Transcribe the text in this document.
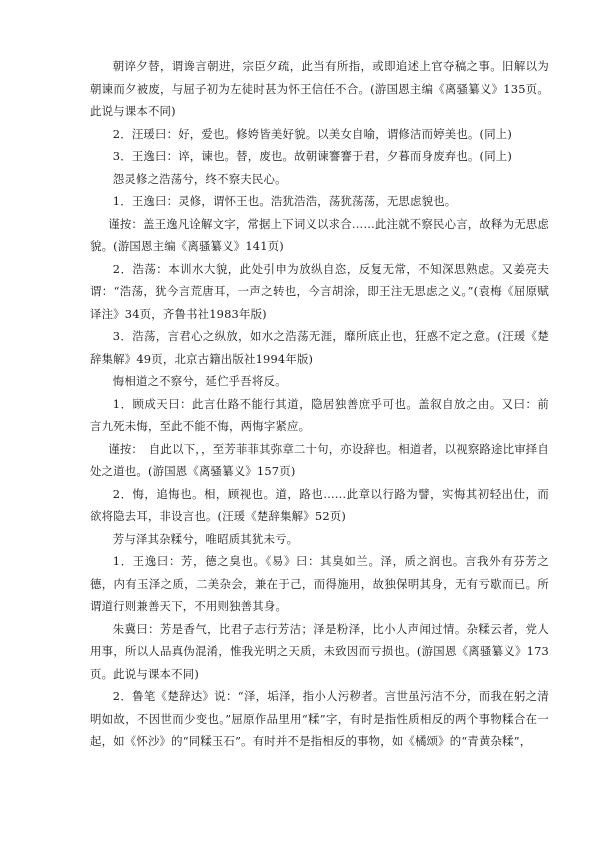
朝谇夕替，谓谗言朝进，宗臣夕疏，此当有所指，或即追述上官夺稿之事。旧解以为朝谏而夕被废，与屈子初为左徒时甚为怀王信任不合。(游国恩主编《离骚纂义》135页。此说与课本不同)

2．汪瑗曰：好，爱也。修姱皆美好貌。以美女自喻，谓修洁而婷美也。(同上)

3．王逸曰：谇，谏也。替，废也。故朝谏謇謇于君，夕暮而身废弃也。(同上)

怨灵修之浩荡兮，终不察夫民心。

1．王逸曰：灵修，谓怀王也。浩犹浩浩，荡犹荡荡，无思虑貌也。

谨按：盖王逸凡诠解文字，常据上下词义以求合……此注就不察民心言，故释为无思虑貌。(游国恩主编《离骚纂义》141页)

2．浩荡：本训水大貌，此处引申为放纵自恣，反复无常，不知深思熟虑。又姜亮夫谓：“浩荡，犹今言荒唐耳，一声之转也，今言胡涂，即王注无思虑之义。”(袁梅《屈原赋译注》34页，齐鲁书社1983年版)

3．浩荡，言君心之纵放，如水之浩荡无涯，靡所底止也，狂惑不定之意。(汪瑗《楚辞集解》49页，北京古籍出版社1994年版)

悔相道之不察兮，延伫乎吾将反。

1．顾成天曰：此言仕路不能行其道，隐居独善庶乎可也。盖叙自放之由。又曰：前言九死未悔，至此不能不悔，两悔字紧应。

谨按：　自此以下，，至芳菲菲其弥章二十句，亦设辞也。相道者，以视察路途比审择自处之道也。(游国恩《离骚纂义》157页)

2．悔，追悔也。相，顾视也。道，路也……此章以行路为譬，实悔其初轻出仕，而欲将隐去耳，非设言也。(汪瑗《楚辞集解》52页)

芳与泽其杂糅兮，唯昭质其犹未亏。

1．王逸曰：芳，德之臭也。《易》曰：其臭如兰。泽，质之润也。言我外有芬芳之德，内有玉泽之质，二美杂会，兼在于己，而得施用，故独保明其身，无有亏歇而已。所谓道行则兼善天下，不用则独善其身。

朱冀曰：芳是香气，比君子志行芳洁；泽是粉泽，比小人声闻过情。杂糅云者，党人用事，所以人品真伪混淆，惟我光明之天质，未致因而亏损也。(游国恩《离骚纂义》173页。此说与课本不同)

2．鲁笔《楚辞达》说：“泽，垢泽，指小人污秽者。言世虽污洁不分，而我在躬之清明如故，不因世而少变也。”屈原作品里用“糅”字，有时是指性质相反的两个事物糅合在一起，如《怀沙》的“同糅玉石”。有时并不是指相反的事物，如《橘颂》的“青黄杂糅”，
